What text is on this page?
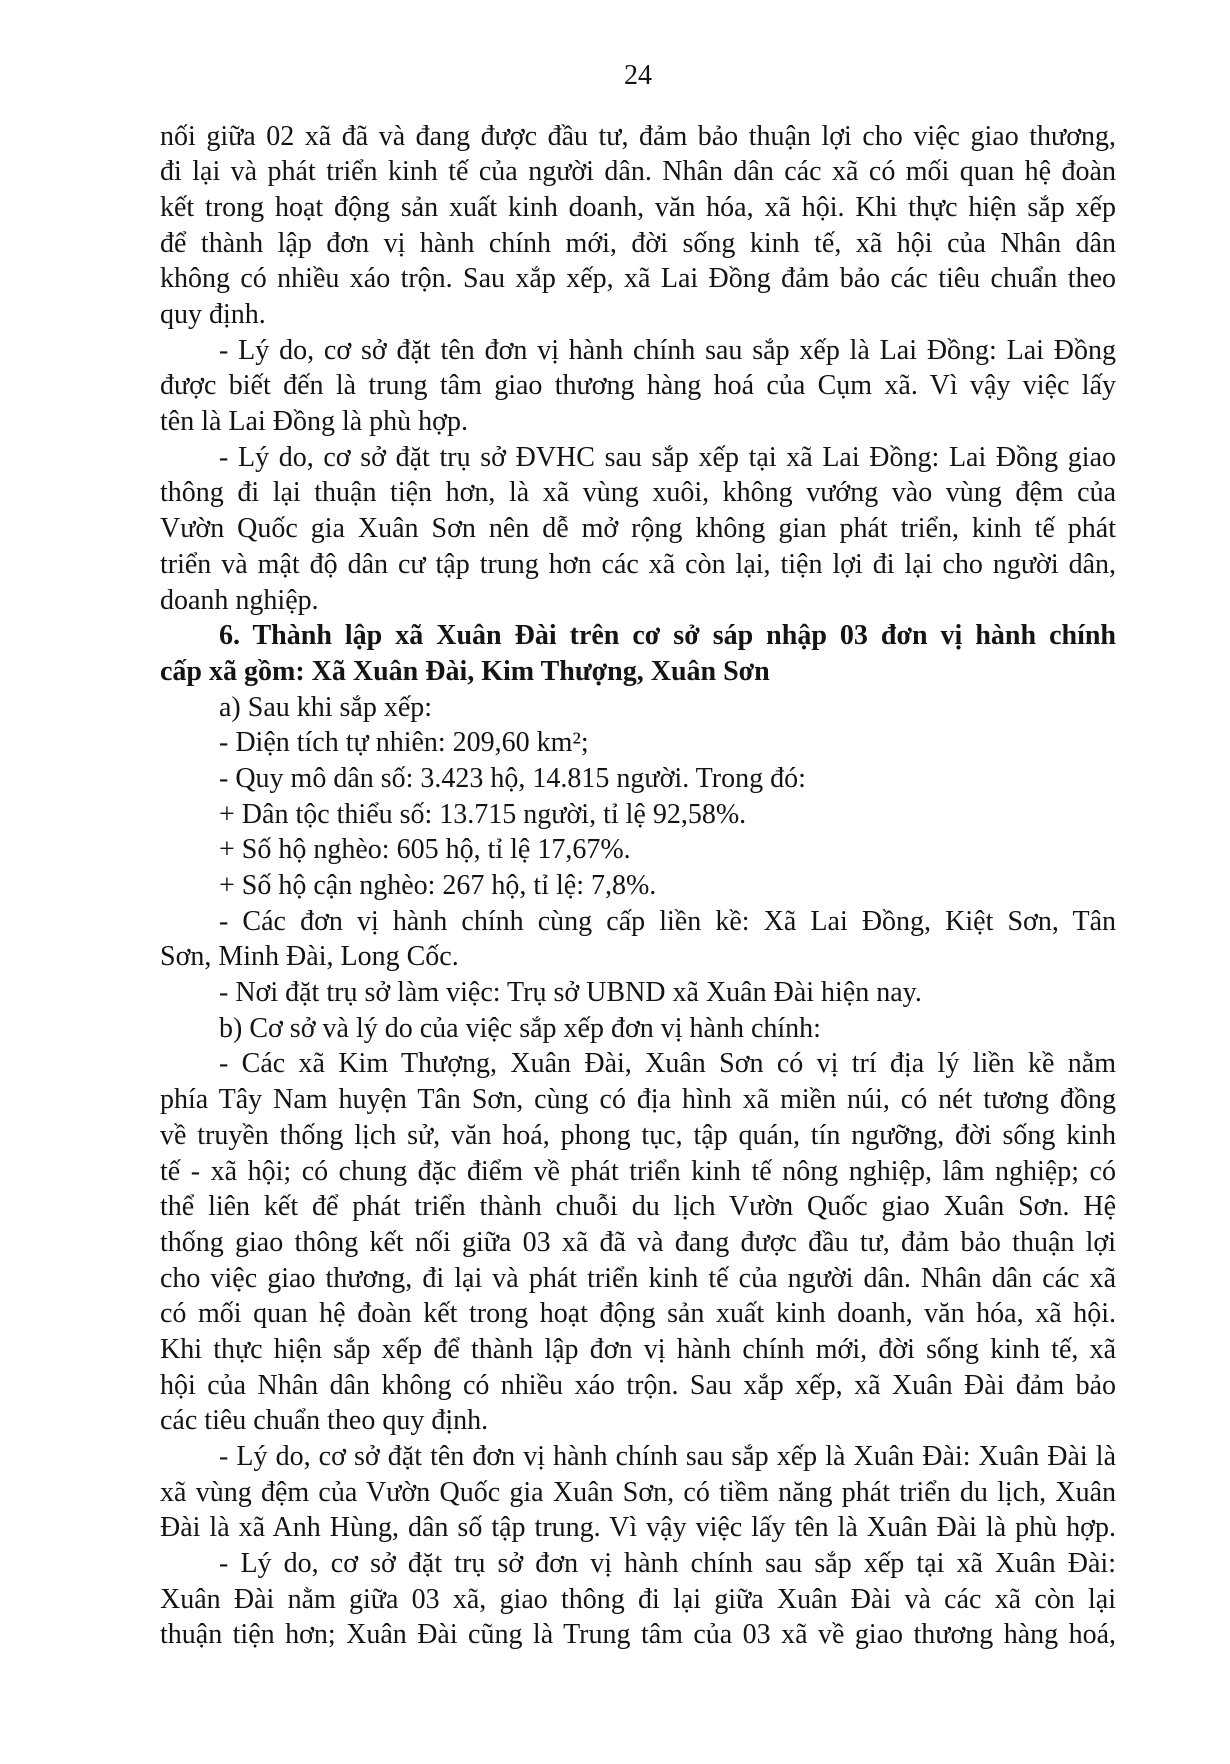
24
nối giữa 02 xã đã và đang được đầu tư, đảm bảo thuận lợi cho việc giao thương,
đi lại và phát triển kinh tế của người dân. Nhân dân các xã có mối quan hệ đoàn
kết trong hoạt động sản xuất kinh doanh, văn hóa, xã hội. Khi thực hiện sắp xếp
để thành lập đơn vị hành chính mới, đời sống kinh tế, xã hội của Nhân dân
không có nhiều xáo trộn. Sau xắp xếp, xã Lai Đồng đảm bảo các tiêu chuẩn theo
quy định.
- Lý do, cơ sở đặt tên đơn vị hành chính sau sắp xếp là Lai Đồng: Lai Đồng
được biết đến là trung tâm giao thương hàng hoá của Cụm xã. Vì vậy việc lấy
tên là Lai Đồng là phù hợp.
- Lý do, cơ sở đặt trụ sở ĐVHC sau sắp xếp tại xã Lai Đồng: Lai Đồng giao
thông đi lại thuận tiện hơn, là xã vùng xuôi, không vướng vào vùng đệm của
Vườn Quốc gia Xuân Sơn nên dễ mở rộng không gian phát triển, kinh tế phát
triển và mật độ dân cư tập trung hơn các xã còn lại, tiện lợi đi lại cho người dân,
doanh nghiệp.
6. Thành lập xã Xuân Đài trên cơ sở sáp nhập 03 đơn vị hành chính
cấp xã gồm: Xã Xuân Đài, Kim Thượng, Xuân Sơn
a) Sau khi sắp xếp:
- Diện tích tự nhiên: 209,60 km²;
- Quy mô dân số: 3.423 hộ, 14.815 người. Trong đó:
+ Dân tộc thiểu số: 13.715 người, tỉ lệ 92,58%.
+ Số hộ nghèo: 605 hộ, tỉ lệ 17,67%.
+ Số hộ cận nghèo: 267 hộ, tỉ lệ: 7,8%.
- Các đơn vị hành chính cùng cấp liền kề: Xã Lai Đồng, Kiệt Sơn, Tân
Sơn, Minh Đài, Long Cốc.
- Nơi đặt trụ sở làm việc: Trụ sở UBND xã Xuân Đài hiện nay.
b) Cơ sở và lý do của việc sắp xếp đơn vị hành chính:
- Các xã Kim Thượng, Xuân Đài, Xuân Sơn có vị trí địa lý liền kề nằm
phía Tây Nam huyện Tân Sơn, cùng có địa hình xã miền núi, có nét tương đồng
về truyền thống lịch sử, văn hoá, phong tục, tập quán, tín ngưỡng, đời sống kinh
tế - xã hội; có chung đặc điểm về phát triển kinh tế nông nghiệp, lâm nghiệp; có
thể liên kết để phát triển thành chuỗi du lịch Vườn Quốc giao Xuân Sơn. Hệ
thống giao thông kết nối giữa 03 xã đã và đang được đầu tư, đảm bảo thuận lợi
cho việc giao thương, đi lại và phát triển kinh tế của người dân. Nhân dân các xã
có mối quan hệ đoàn kết trong hoạt động sản xuất kinh doanh, văn hóa, xã hội.
Khi thực hiện sắp xếp để thành lập đơn vị hành chính mới, đời sống kinh tế, xã
hội của Nhân dân không có nhiều xáo trộn. Sau xắp xếp, xã Xuân Đài đảm bảo
các tiêu chuẩn theo quy định.
- Lý do, cơ sở đặt tên đơn vị hành chính sau sắp xếp là Xuân Đài: Xuân Đài là
xã vùng đệm của Vườn Quốc gia Xuân Sơn, có tiềm năng phát triển du lịch, Xuân
Đài là xã Anh Hùng, dân số tập trung. Vì vậy việc lấy tên là Xuân Đài là phù hợp.
- Lý do, cơ sở đặt trụ sở đơn vị hành chính sau sắp xếp tại xã Xuân Đài:
Xuân Đài nằm giữa 03 xã, giao thông đi lại giữa Xuân Đài và các xã còn lại
thuận tiện hơn; Xuân Đài cũng là Trung tâm của 03 xã về giao thương hàng hoá,
